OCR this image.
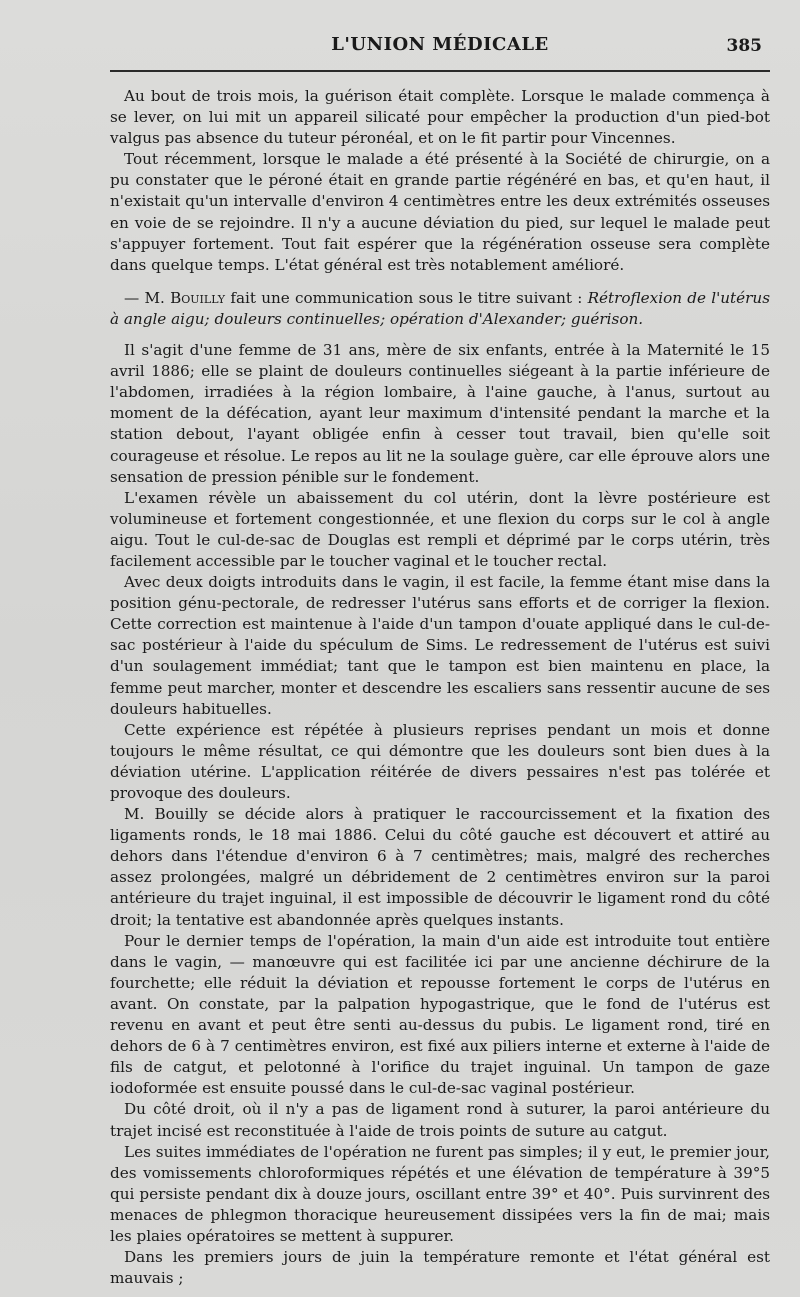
L'UNION MÉDICALE	385

Au bout de trois mois, la guérison était complète. Lorsque le malade commença à se lever, on lui mit un appareil silicaté pour empêcher la production d'un pied-bot valgus pas absence du tuteur péronéal, et on le fit partir pour Vincennes.

Tout récemment, lorsque le malade a été présenté à la Société de chirurgie, on a pu constater que le péroné était en grande partie régénéré en bas, et qu'en haut, il n'existait qu'un intervalle d'environ 4 centimètres entre les deux extrémités osseuses en voie de se rejoindre. Il n'y a aucune déviation du pied, sur lequel le malade peut s'appuyer fortement. Tout fait espérer que la régénération osseuse sera complète dans quelque temps. L'état général est très notablement amélioré.

— M. Bouilly fait une communication sous le titre suivant : Rétroflexion de l'utérus à angle aigu; douleurs continuelles; opération d'Alexander; guérison.

Il s'agit d'une femme de 31 ans, mère de six enfants, entrée à la Maternité le 15 avril 1886; elle se plaint de douleurs continuelles siégeant à la partie inférieure de l'abdomen, irradiées à la région lombaire, à l'aine gauche, à l'anus, surtout au moment de la défécation, ayant leur maximum d'intensité pendant la marche et la station debout, l'ayant obligée enfin à cesser tout travail, bien qu'elle soit courageuse et résolue. Le repos au lit ne la soulage guère, car elle éprouve alors une sensation de pression pénible sur le fondement.

L'examen révèle un abaissement du col utérin, dont la lèvre postérieure est volumineuse et fortement congestionnée, et une flexion du corps sur le col à angle aigu. Tout le cul-de-sac de Douglas est rempli et déprimé par le corps utérin, très facilement accessible par le toucher vaginal et le toucher rectal.

Avec deux doigts introduits dans le vagin, il est facile, la femme étant mise dans la position génu-pectorale, de redresser l'utérus sans efforts et de corriger la flexion. Cette correction est maintenue à l'aide d'un tampon d'ouate appliqué dans le cul-de-sac postérieur à l'aide du spéculum de Sims. Le redressement de l'utérus est suivi d'un soulagement immédiat; tant que le tampon est bien maintenu en place, la femme peut marcher, monter et descendre les escaliers sans ressentir aucune de ses douleurs habituelles.

Cette expérience est répétée à plusieurs reprises pendant un mois et donne toujours le même résultat, ce qui démontre que les douleurs sont bien dues à la déviation utérine. L'application réitérée de divers pessaires n'est pas tolérée et provoque des douleurs.

M. Bouilly se décide alors à pratiquer le raccourcissement et la fixation des ligaments ronds, le 18 mai 1886. Celui du côté gauche est découvert et attiré au dehors dans l'étendue d'environ 6 à 7 centimètres; mais, malgré des recherches assez prolongées, malgré un débridement de 2 centimètres environ sur la paroi antérieure du trajet inguinal, il est impossible de découvrir le ligament rond du côté droit; la tentative est abandonnée après quelques instants.

Pour le dernier temps de l'opération, la main d'un aide est introduite tout entière dans le vagin, — manœuvre qui est facilitée ici par une ancienne déchirure de la fourchette; elle réduit la déviation et repousse fortement le corps de l'utérus en avant. On constate, par la palpation hypogastrique, que le fond de l'utérus est revenu en avant et peut être senti au-dessus du pubis. Le ligament rond, tiré en dehors de 6 à 7 centimètres environ, est fixé aux piliers interne et externe à l'aide de fils de catgut, et pelotonné à l'orifice du trajet inguinal. Un tampon de gaze iodoformée est ensuite poussé dans le cul-de-sac vaginal postérieur.

Du côté droit, où il n'y a pas de ligament rond à suturer, la paroi antérieure du trajet incisé est reconstituée à l'aide de trois points de suture au catgut.

Les suites immédiates de l'opération ne furent pas simples; il y eut, le premier jour, des vomissements chloroformiques répétés et une élévation de température à 39°5 qui persiste pendant dix à douze jours, oscillant entre 39° et 40°. Puis survinrent des menaces de phlegmon thoracique heureusement dissipées vers la fin de mai; mais les plaies opératoires se mettent à suppurer.

Dans les premiers jours de juin la température remonte et l'état général est mauvais ;
